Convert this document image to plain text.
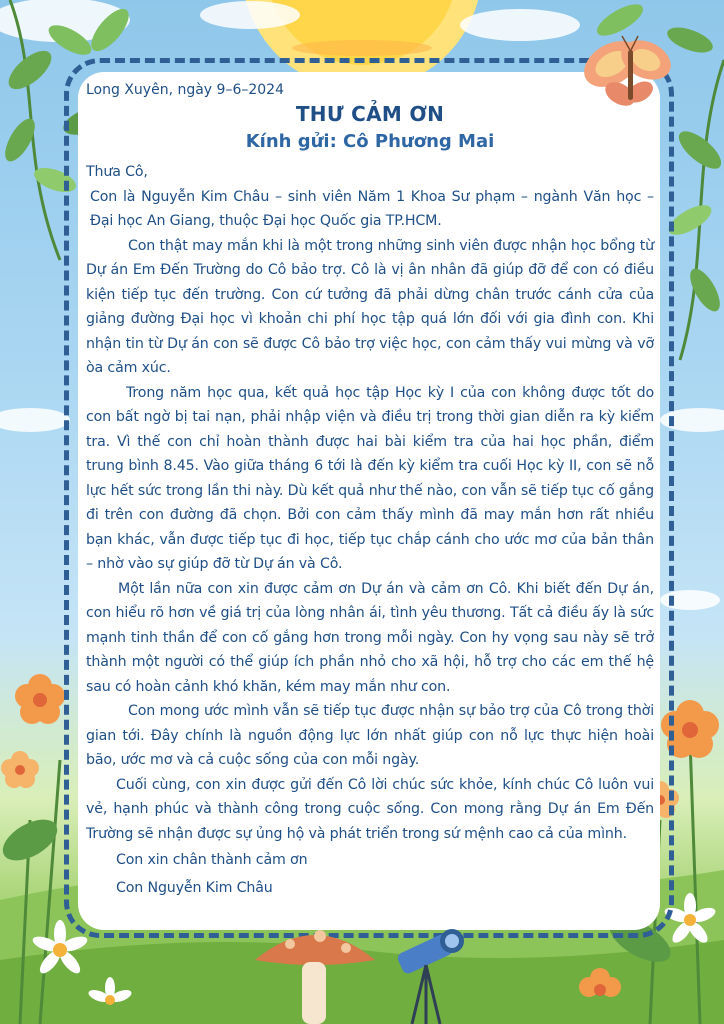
Long Xuyên, ngày 9–6–2024

THƯ CẢM ƠN
Kính gửi: Cô Phương Mai

Thưa Cô,

Con là Nguyễn Kim Châu – sinh viên Năm 1 Khoa Sư phạm – ngành Văn học – Đại học An Giang, thuộc Đại học Quốc gia TP.HCM.

Con thật may mắn khi là một trong những sinh viên được nhận học bổng từ Dự án Em Đến Trường do Cô bảo trợ. Cô là vị ân nhân đã giúp đỡ để con có điều kiện tiếp tục đến trường. Con cứ tưởng đã phải dừng chân trước cánh cửa của giảng đường Đại học vì khoản chi phí học tập quá lớn đối với gia đình con. Khi nhận tin từ Dự án con sẽ được Cô bảo trợ việc học, con cảm thấy vui mừng và vỡ òa cảm xúc.

Trong năm học qua, kết quả học tập Học kỳ I của con không được tốt do con bất ngờ bị tai nạn, phải nhập viện và điều trị trong thời gian diễn ra kỳ kiểm tra. Vì thế con chỉ hoàn thành được hai bài kiểm tra của hai học phần, điểm trung bình 8.45. Vào giữa tháng 6 tới là đến kỳ kiểm tra cuối Học kỳ II, con sẽ nỗ lực hết sức trong lần thi này. Dù kết quả như thế nào, con vẫn sẽ tiếp tục cố gắng đi trên con đường đã chọn. Bởi con cảm thấy mình đã may mắn hơn rất nhiều bạn khác, vẫn được tiếp tục đi học, tiếp tục chắp cánh cho ước mơ của bản thân – nhờ vào sự giúp đỡ từ Dự án và Cô.

Một lần nữa con xin được cảm ơn Dự án và cảm ơn Cô. Khi biết đến Dự án, con hiểu rõ hơn về giá trị của lòng nhân ái, tình yêu thương. Tất cả điều ấy là sức mạnh tinh thần để con cố gắng hơn trong mỗi ngày. Con hy vọng sau này sẽ trở thành một người có thể giúp ích phần nhỏ cho xã hội, hỗ trợ cho các em thế hệ sau có hoàn cảnh khó khăn, kém may mắn như con.

Con mong ước mình vẫn sẽ tiếp tục được nhận sự bảo trợ của Cô trong thời gian tới. Đây chính là nguồn động lực lớn nhất giúp con nỗ lực thực hiện hoài bão, ước mơ và cả cuộc sống của con mỗi ngày.

Cuối cùng, con xin được gửi đến Cô lời chúc sức khỏe, kính chúc Cô luôn vui vẻ, hạnh phúc và thành công trong cuộc sống. Con mong rằng Dự án Em Đến Trường sẽ nhận được sự ủng hộ và phát triển trong sứ mệnh cao cả của mình.

Con xin chân thành cảm ơn

Con Nguyễn Kim Châu
